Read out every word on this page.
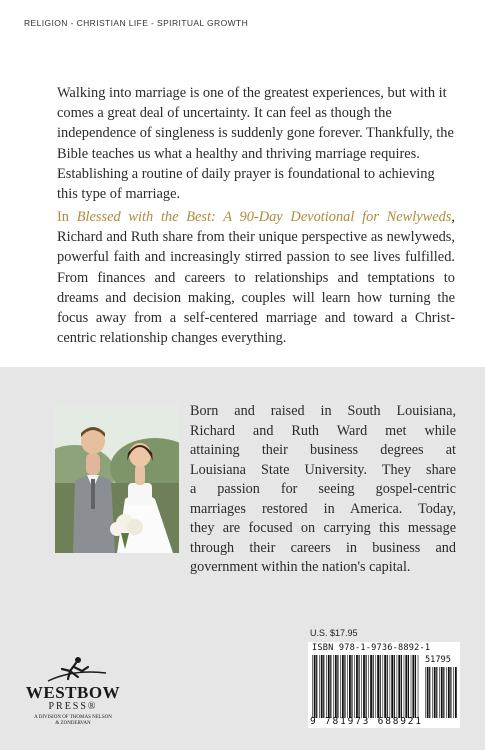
RELIGION - CHRISTIAN LIFE - SPIRITUAL GROWTH

Walking into marriage is one of the greatest experiences, but with it comes a great deal of uncertainty. It can feel as though the independence of singleness is suddenly gone forever. Thankfully, the Bible teaches us what a healthy and thriving marriage requires. Establishing a routine of daily prayer is foundational to achieving this type of marriage.

In Blessed with the Best: A 90-Day Devotional for Newlyweds, Richard and Ruth share from their unique perspective as newlyweds, powerful faith and increasingly stirred passion to see lives fulfilled. From finances and careers to relationships and temptations to dreams and decision making, couples will learn how turning the focus away from a self-centered marriage and toward a Christ-centric relationship changes everything.

Born and raised in South Louisiana,
Richard and Ruth Ward met while
attaining their business degrees at
Louisiana State University. They share
a passion for seeing gospel-centric
marriages restored in America. Today,
they are focused on carrying this message
through their careers in business and
government within the nation's capital.
WESTBOW
PRESS®
A DIVISION OF THOMAS NELSON
& ZONDERVAN
U.S. $17.95
ISBN 978-1-9736-8892-1
51795
9 781973 688921
